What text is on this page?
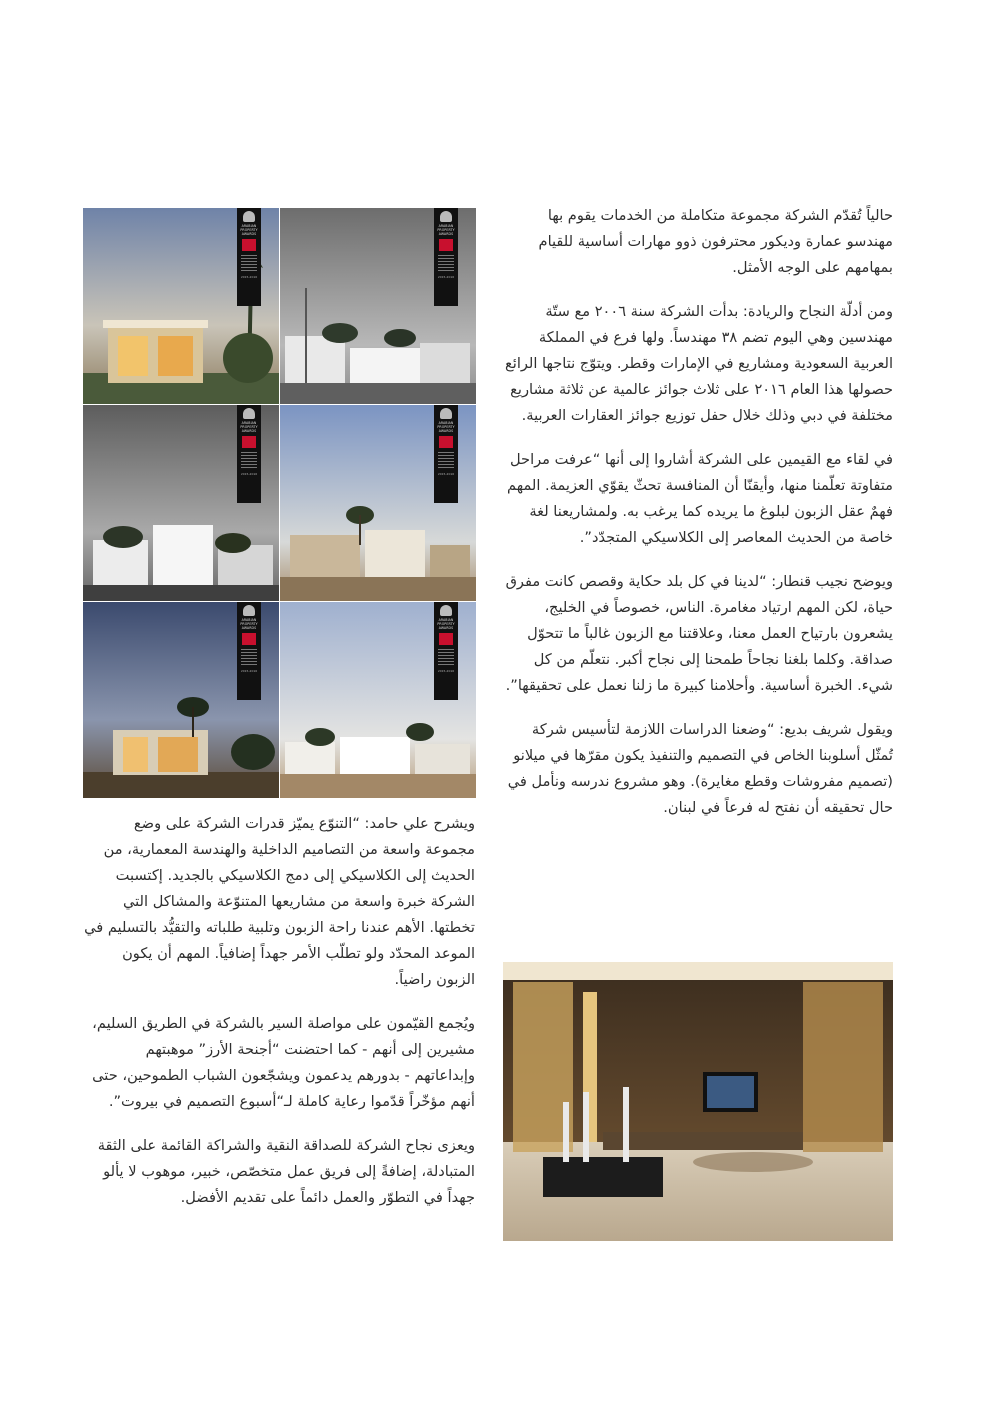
حالياً تُقدّم الشركة مجموعة متكاملة من الخدمات يقوم بها مهندسو عمارة وديكور محترفون ذوو مهارات أساسية للقيام بمهامهم على الوجه الأمثل.

ومن أدلّة النجاح والريادة: بدأت الشركة سنة ٢٠٠٦ مع ستّة مهندسين وهي اليوم تضم ٣٨ مهندساً. ولها فرع في المملكة العربية السعودية ومشاريع في الإمارات وقطر. ويتوّج نتاجها الرائع حصولها هذا العام ٢٠١٦ على ثلاث جوائز عالمية عن ثلاثة مشاريع مختلفة في دبي وذلك خلال حفل توزيع جوائز العقارات العربية.

في لقاء مع القيمين على الشركة أشاروا إلى أنها “عرفت مراحل متفاوتة تعلّمنا منها، وأيقنّا أن المنافسة تحثّ يقوّي العزيمة. المهم فهمٌ عقل الزبون لبلوغ ما يريده كما يرغب به. ولمشاريعنا لغة خاصة من الحديث المعاصر إلى الكلاسيكي المتجدّد”.

ويوضح نجيب قنطار: “لدينا في كل بلد حكاية وقصص كانت مفرق حياة، لكن المهم ارتياد مغامرة. الناس، خصوصاً في الخليج، يشعرون بارتياح العمل معنا، وعلاقتنا مع الزبون غالباً ما تتحوّل صداقة. وكلما بلغنا نجاحاً طمحنا إلى نجاح أكبر. نتعلّم من كل شيء. الخبرة أساسية. وأحلامنا كبيرة ما زلنا نعمل على تحقيقها”.

ويقول شريف بديع: “وضعنا الدراسات اللازمة لتأسيس شركة تُمثّل أسلوبنا الخاص في التصميم والتنفيذ يكون مقرّها في ميلانو (تصميم مفروشات وقطع مغايرة). وهو مشروع ندرسه ونأمل في حال تحقيقه أن نفتح له فرعاً في لبنان.

ARABIAN
PROPERTY
AWARDS
2015-2016
ARABIAN
PROPERTY
AWARDS
2015-2016
ARABIAN
PROPERTY
AWARDS
2015-2016
ARABIAN
PROPERTY
AWARDS
2015-2016
ARABIAN
PROPERTY
AWARDS
2015-2016
ARABIAN
PROPERTY
AWARDS
2015-2016

ويشرح علي حامد: “التنوّع يميّز قدرات الشركة على وضع مجموعة واسعة من التصاميم الداخلية والهندسة المعمارية، من الحديث إلى الكلاسيكي إلى دمج الكلاسيكي بالجديد. إكتسبت الشركة خبرة واسعة من مشاريعها المتنوّعة والمشاكل التي تخطتها. الأهم عندنا راحة الزبون وتلبية طلباته والتقيُّد بالتسليم في الموعد المحدّد ولو تطلّب الأمر جهداً إضافياً. المهم أن يكون الزبون راضياً.

ويُجمع القيّمون على مواصلة السير بالشركة في الطريق السليم، مشيرين إلى أنهم - كما احتضنت “أجنحة الأرز” موهبتهم وإبداعاتهم - بدورهم يدعمون ويشجّعون الشباب الطموحين، حتى أنهم مؤخّراً قدّموا رعاية كاملة لـ“أسبوع التصميم في بيروت”.

ويعزى نجاح الشركة للصداقة النقية والشراكة القائمة على الثقة المتبادلة، إضافةً إلى فريق عمل متخصّص، خبير، موهوب لا يألو جهداً في التطوّر والعمل دائماً على تقديم الأفضل.
